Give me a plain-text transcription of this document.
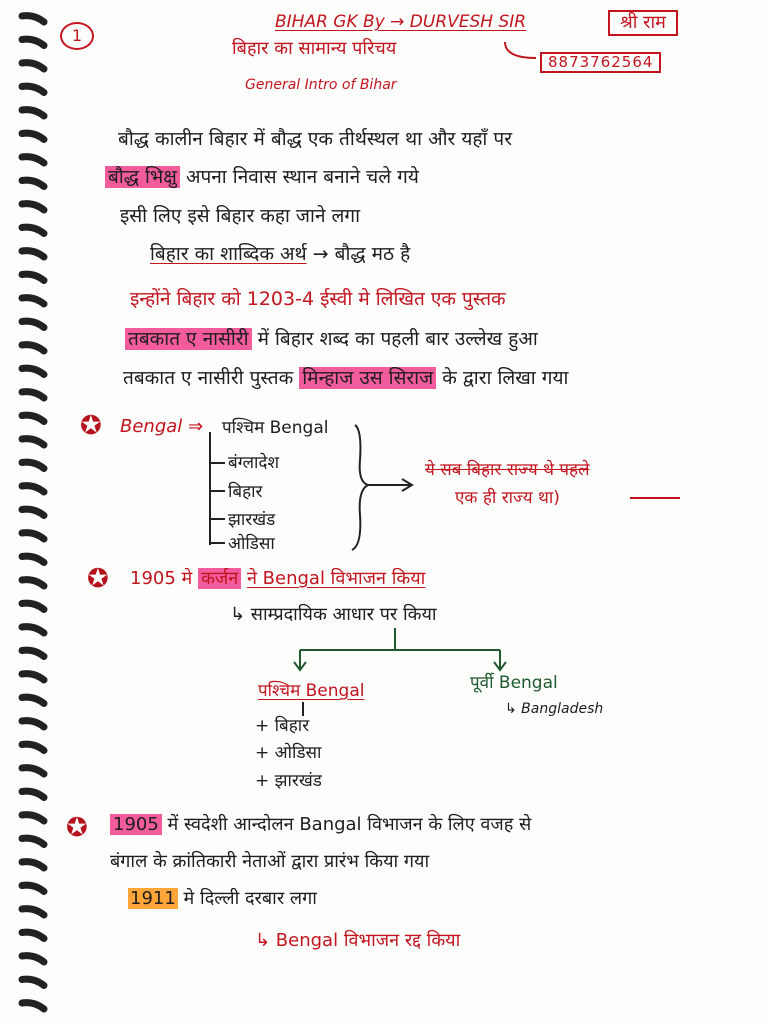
1
BIHAR GK By → DURVESH SIR
बिहार का सामान्य परिचय
General Intro of Bihar
8873762564
श्री राम
बौद्ध कालीन बिहार में बौद्ध एक तीर्थस्थल था और यहाँ पर
बौद्ध भिक्षु अपना निवास स्थान बनाने चले गये
इसी लिए इसे बिहार कहा जाने लगा
बिहार का शाब्दिक अर्थ → बौद्ध मठ है
इन्होंने बिहार को 1203-4 ईस्वी मे लिखित एक पुस्तक
तबकात ए नासीरी में बिहार शब्द का पहली बार उल्लेख हुआ
तबकात ए नासीरी पुस्तक मिन्हाज उस सिराज के द्वारा लिखा गया
✪ Bengal ⇒ पश्चिम Bengal
बंग्लादेश
बिहार
झारखंड
ओडिसा
ये सब बिहार राज्य थे पहले
एक ही राज्य था)
✪ 1905 मे कर्जन ने Bengal विभाजन किया
↳ साम्प्रदायिक आधार पर किया
पश्चिम Bengal
+ बिहार
+ ओडिसा
+ झारखंड
पूर्वी Bengal
↳ Bangladesh
✪ 1905 में स्वदेशी आन्दोलन Bangal विभाजन के लिए वजह से
बंगाल के क्रांतिकारी नेताओं द्वारा प्रारंभ किया गया
1911 मे दिल्ली दरबार लगा
↳ Bengal विभाजन रद्द किया
